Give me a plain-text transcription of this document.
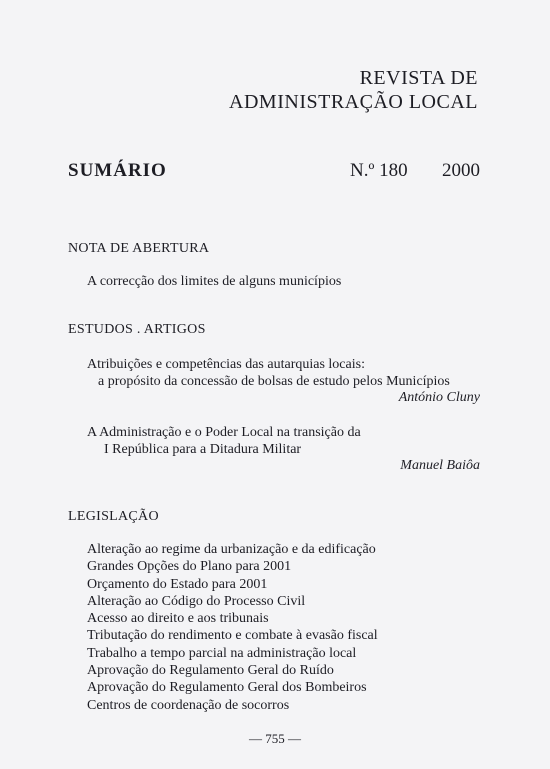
REVISTA DE
ADMINISTRAÇÃO LOCAL
SUMÁRIO	N.º 180 2000
NOTA DE ABERTURA
A correcção dos limites de alguns municípios
ESTUDOS . ARTIGOS
Atribuições e competências das autarquias locais:
a propósito da concessão de bolsas de estudo pelos Municípios
António Cluny
A Administração e o Poder Local na transição da
I República para a Ditadura Militar
Manuel Baiôa
LEGISLAÇÃO
Alteração ao regime da urbanização e da edificação
Grandes Opções do Plano para 2001
Orçamento do Estado para 2001
Alteração ao Código do Processo Civil
Acesso ao direito e aos tribunais
Tributação do rendimento e combate à evasão fiscal
Trabalho a tempo parcial na administração local
Aprovação do Regulamento Geral do Ruído
Aprovação do Regulamento Geral dos Bombeiros
Centros de coordenação de socorros
— 755 —
